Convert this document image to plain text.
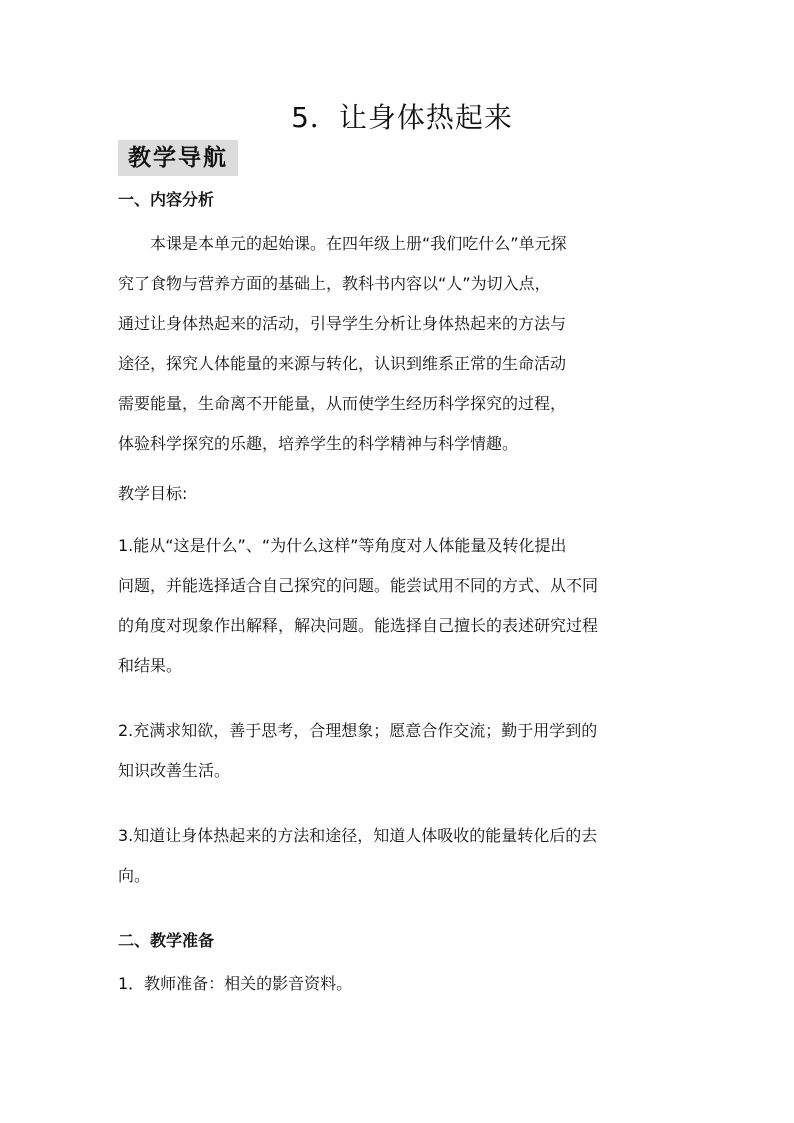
5．让身体热起来
教学导航
一、内容分析
本课是本单元的起始课。在四年级上册“我们吃什么”单元探
究了食物与营养方面的基础上，教科书内容以“人”为切入点，
通过让身体热起来的活动，引导学生分析让身体热起来的方法与
途径，探究人体能量的来源与转化，认识到维系正常的生命活动
需要能量，生命离不开能量，从而使学生经历科学探究的过程，
体验科学探究的乐趣，培养学生的科学精神与科学情趣。
教学目标:
1.能从“这是什么”、“为什么这样”等角度对人体能量及转化提出
问题，并能选择适合自己探究的问题。能尝试用不同的方式、从不同
的角度对现象作出解释，解决问题。能选择自己擅长的表述研究过程
和结果。
2.充满求知欲，善于思考，合理想象；愿意合作交流；勤于用学到的
知识改善生活。
3.知道让身体热起来的方法和途径，知道人体吸收的能量转化后的去
向。
二、教学准备
1．教师准备：相关的影音资料。
